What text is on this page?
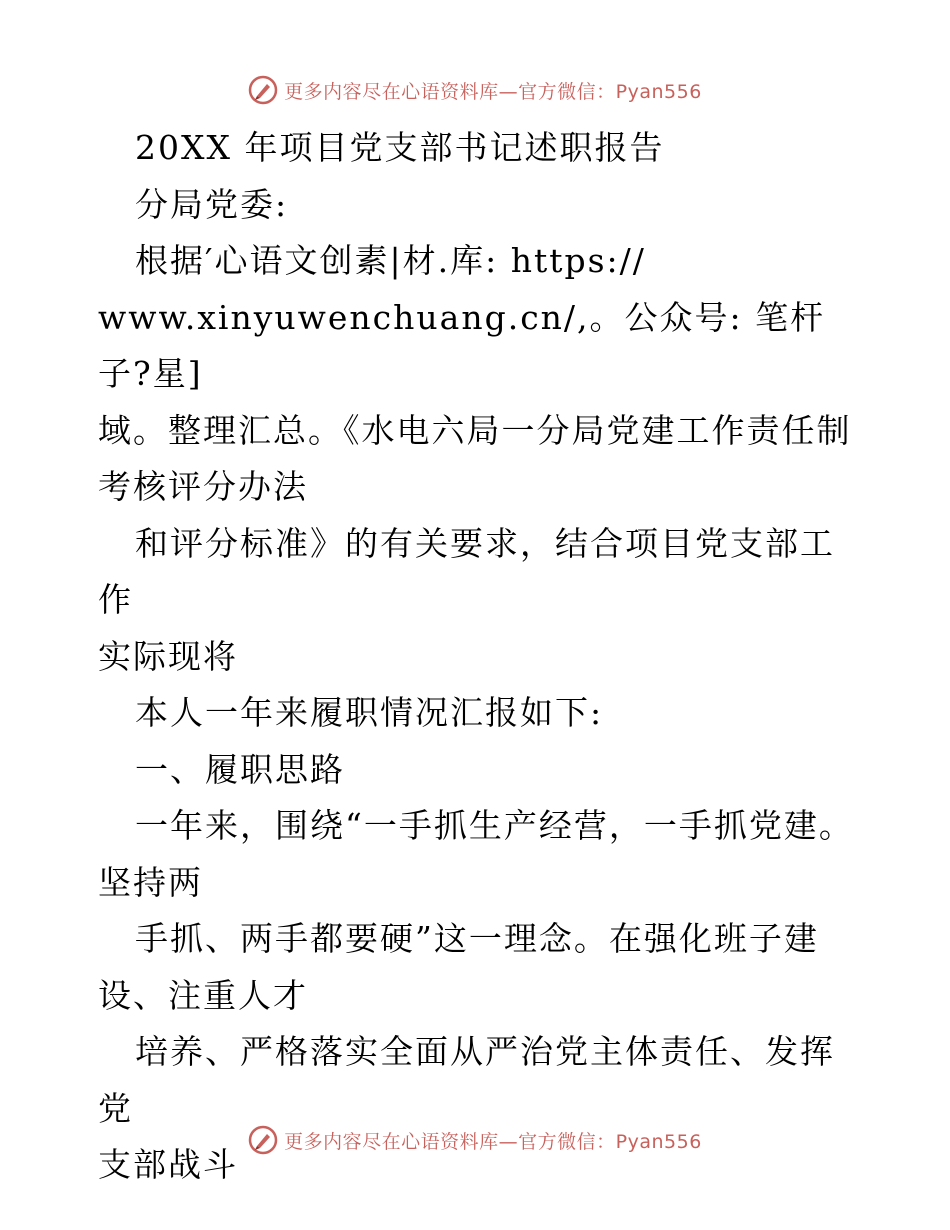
更多内容尽在心语资料库—官方微信：Pyan556

20XX 年项目党支部书记述职报告

分局党委:

根据′心语文创素|材.库: https://

www.xinyuwenchuang.cn/,。公众号: 笔杆子?星]

域。整理汇总。《水电六局一分局党建工作责任制

考核评分办法

和评分标准》的有关要求，结合项目党支部工作

实际现将

本人一年来履职情况汇报如下:

一、履职思路

一年来，围绕“一手抓生产经营，一手抓党建。

坚持两

手抓、两手都要硬”这一理念。在强化班子建

设、注重人才

培养、严格落实全面从严治党主体责任、发挥党

支部战斗

更多内容尽在心语资料库—官方微信：Pyan556
